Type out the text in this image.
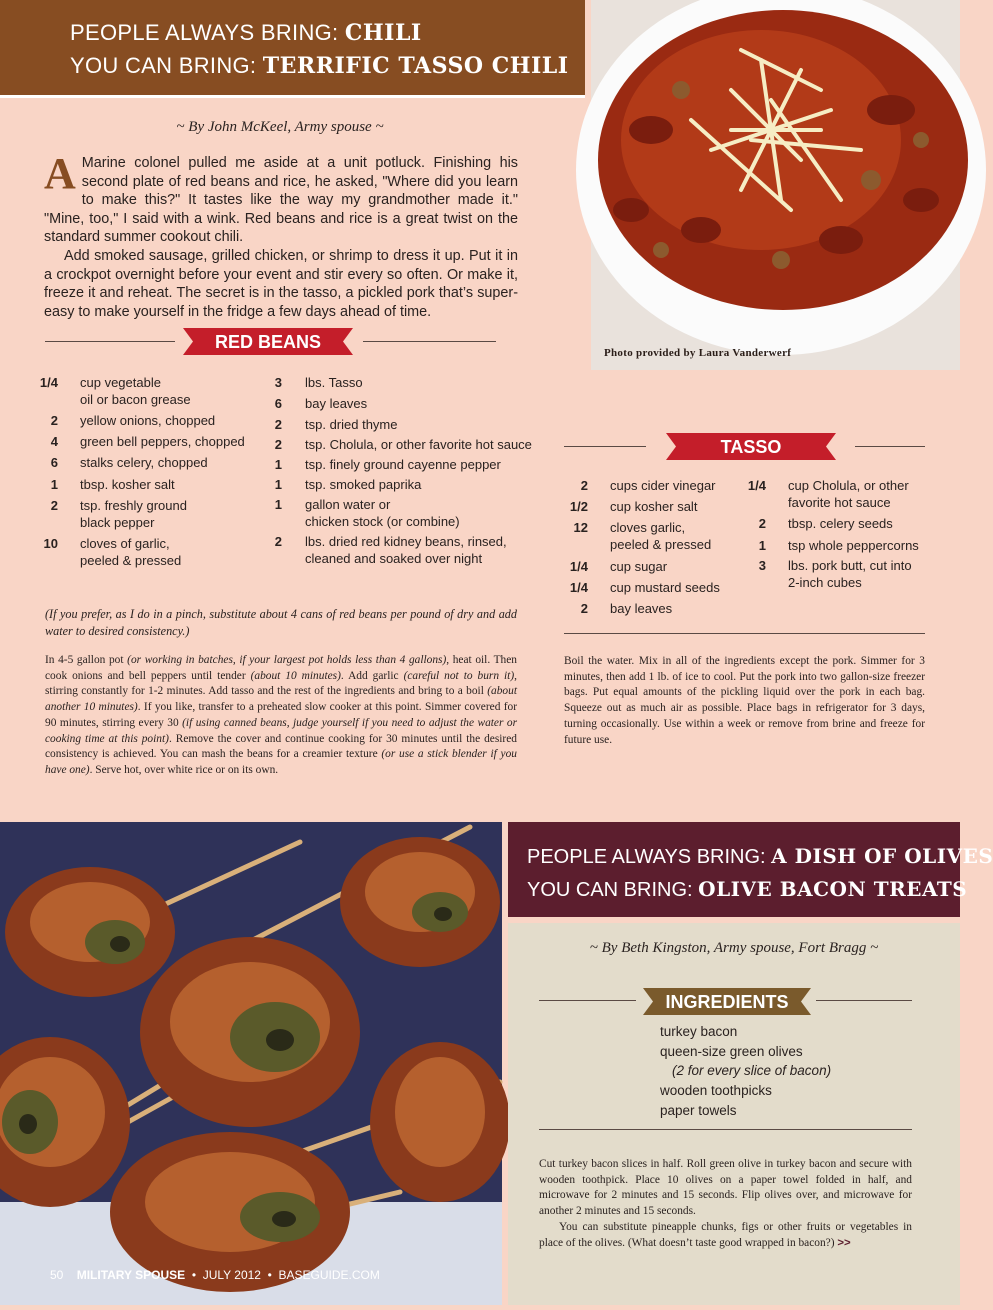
PEOPLE ALWAYS BRING: CHILI
YOU CAN BRING: TERRIFIC TASSO CHILI
Photo provided by Laura Vanderwerf
~ By John McKeel, Army spouse ~
A Marine colonel pulled me aside at a unit potluck. Finishing his second plate of red beans and rice, he asked, "Where did you learn to make this?" It tastes like the way my grandmother made it." "Mine, too," I said with a wink. Red beans and rice is a great twist on the standard summer cookout chili.
Add smoked sausage, grilled chicken, or shrimp to dress it up. Put it in a crockpot overnight before your event and stir every so often. Or make it, freeze it and reheat. The secret is in the tasso, a pickled pork that’s super-easy to make yourself in the fridge a few days ahead of time.
RED BEANS
1/4 cup vegetable
oil or bacon grease
2 yellow onions, chopped
4 green bell peppers, chopped
6 stalks celery, chopped
1 tbsp. kosher salt
2 tsp. freshly ground
black pepper
10 cloves of garlic,
peeled & pressed
3 lbs. Tasso
6 bay leaves
2 tsp. dried thyme
2 tsp. Cholula, or other favorite hot sauce
1 tsp. finely ground cayenne pepper
1 tsp. smoked paprika
1 gallon water or
chicken stock (or combine)
2 lbs. dried red kidney beans, rinsed,
cleaned and soaked over night
(If you prefer, as I do in a pinch, substitute about 4 cans of red beans per pound of dry and add water to desired consistency.)
In 4-5 gallon pot (or working in batches, if your largest pot holds less than 4 gallons), heat oil. Then cook onions and bell peppers until tender (about 10 minutes). Add garlic (careful not to burn it), stirring constantly for 1-2 minutes. Add tasso and the rest of the ingredients and bring to a boil (about another 10 minutes). If you like, transfer to a preheated slow cooker at this point. Simmer covered for 90 minutes, stirring every 30 (if using canned beans, judge yourself if you need to adjust the water or cooking time at this point). Remove the cover and continue cooking for 30 minutes until the desired consistency is achieved. You can mash the beans for a creamier texture (or use a stick blender if you have one). Serve hot, over white rice or on its own.
TASSO
2 cups cider vinegar
1/2 cup kosher salt
12 cloves garlic,
peeled & pressed
1/4 cup sugar
1/4 cup mustard seeds
2 bay leaves
1/4 cup Cholula, or other
favorite hot sauce
2 tbsp. celery seeds
1 tsp whole peppercorns
3 lbs. pork butt, cut into
2-inch cubes
Boil the water. Mix in all of the ingredients except the pork. Simmer for 3 minutes, then add 1 lb. of ice to cool. Put the pork into two gallon-size freezer bags. Put equal amounts of the pickling liquid over the pork in each bag. Squeeze out as much air as possible. Place bags in refrigerator for 3 days, turning occasionally. Use within a week or remove from brine and freeze for future use.
PEOPLE ALWAYS BRING: A DISH OF OLIVES
YOU CAN BRING: OLIVE BACON TREATS
~ By Beth Kingston, Army spouse, Fort Bragg ~
INGREDIENTS
turkey bacon
queen-size green olives
(2 for every slice of bacon)
wooden toothpicks
paper towels
Cut turkey bacon slices in half. Roll green olive in turkey bacon and secure with wooden toothpick. Place 10 olives on a paper towel folded in half, and microwave for 2 minutes and 15 seconds. Flip olives over, and microwave for another 2 minutes and 15 seconds.
You can substitute pineapple chunks, figs or other fruits or vegetables in place of the olives. (What doesn’t taste good wrapped in bacon?) >>
50 MILITARY SPOUSE • JULY 2012 • BASEGUIDE.COM
